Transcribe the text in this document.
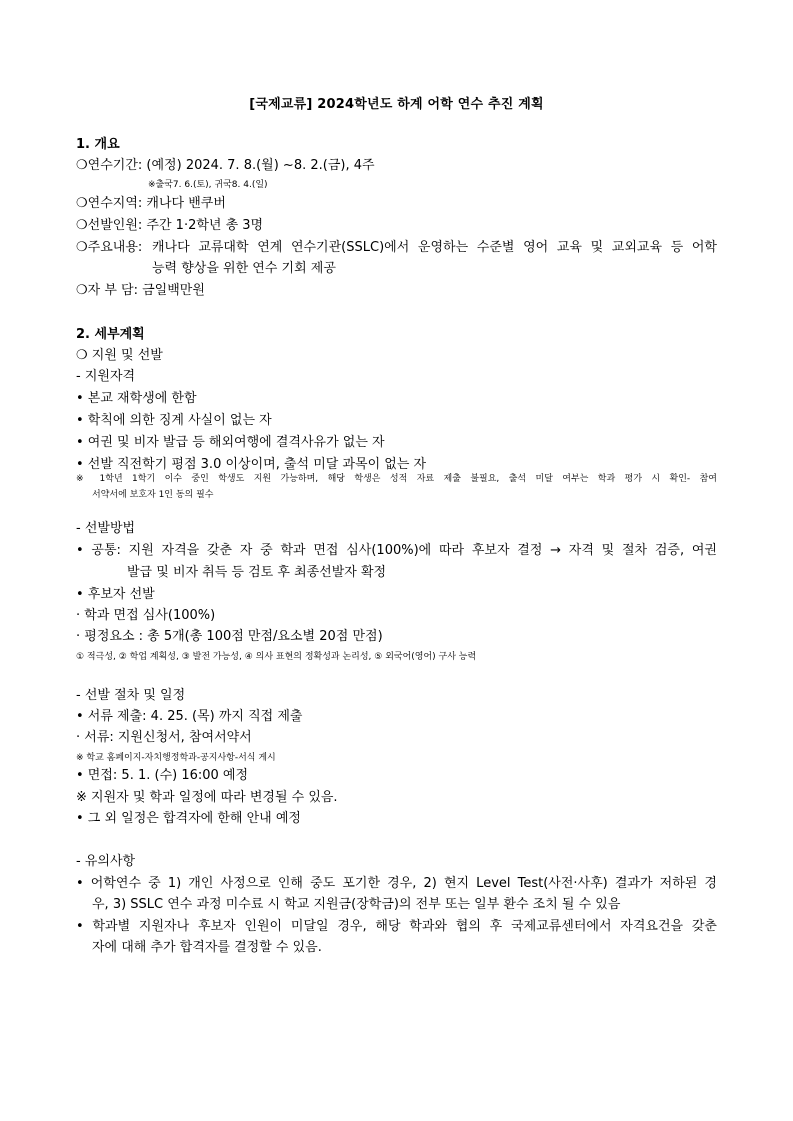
[국제교류] 2024학년도 하계 어학 연수 추진 계획
1. 개요
❍연수기간: (예정) 2024. 7. 8.(월) ~8. 2.(금), 4주
※출국7. 6.(토), 귀국8. 4.(일)
❍연수지역: 캐나다 밴쿠버
❍선발인원: 주간 1·2학년 총 3명
❍주요내용: 캐나다 교류대학 연계 연수기관(SSLC)에서 운영하는 수준별 영어 교육 및 교외교육 등 어학
능력 향상을 위한 연수 기회 제공
❍자 부 담: 금일백만원
2. 세부계획
❍ 지원 및 선발
- 지원자격
• 본교 재학생에 한함
• 학칙에 의한 징계 사실이 없는 자
• 여권 및 비자 발급 등 해외여행에 결격사유가 없는 자
• 선발 직전학기 평점 3.0 이상이며, 출석 미달 과목이 없는 자
※ 1학년 1학기 이수 중인 학생도 지원 가능하며, 해당 학생은 성적 자료 제출 불필요, 출석 미달 여부는 학과 평가 시 확인- 참여
서약서에 보호자 1인 동의 필수
- 선발방법
• 공통: 지원 자격을 갖춘 자 중 학과 면접 심사(100%)에 따라 후보자 결정 → 자격 및 절차 검증, 여권
발급 및 비자 취득 등 검토 후 최종선발자 확정
• 후보자 선발
· 학과 면접 심사(100%)
· 평정요소 : 총 5개(총 100점 만점/요소별 20점 만점)
① 적극성, ② 학업 계획성, ③ 발전 가능성, ④ 의사 표현의 정확성과 논리성, ⑤ 외국어(영어) 구사 능력
- 선발 절차 및 일정
• 서류 제출: 4. 25. (목) 까지 직접 제출
· 서류: 지원신청서, 참여서약서
※ 학교 홈페이지-자치행정학과-공지사항-서식 게시
• 면접: 5. 1. (수) 16:00 예정
※ 지원자 및 학과 일정에 따라 변경될 수 있음.
• 그 외 일정은 합격자에 한해 안내 예정
- 유의사항
• 어학연수 중 1) 개인 사정으로 인해 중도 포기한 경우, 2) 현지 Level Test(사전·사후) 결과가 저하된 경
우, 3) SSLC 연수 과정 미수료 시 학교 지원금(장학금)의 전부 또는 일부 환수 조치 될 수 있음
• 학과별 지원자나 후보자 인원이 미달일 경우, 해당 학과와 협의 후 국제교류센터에서 자격요건을 갖춘
자에 대해 추가 합격자를 결정할 수 있음.
